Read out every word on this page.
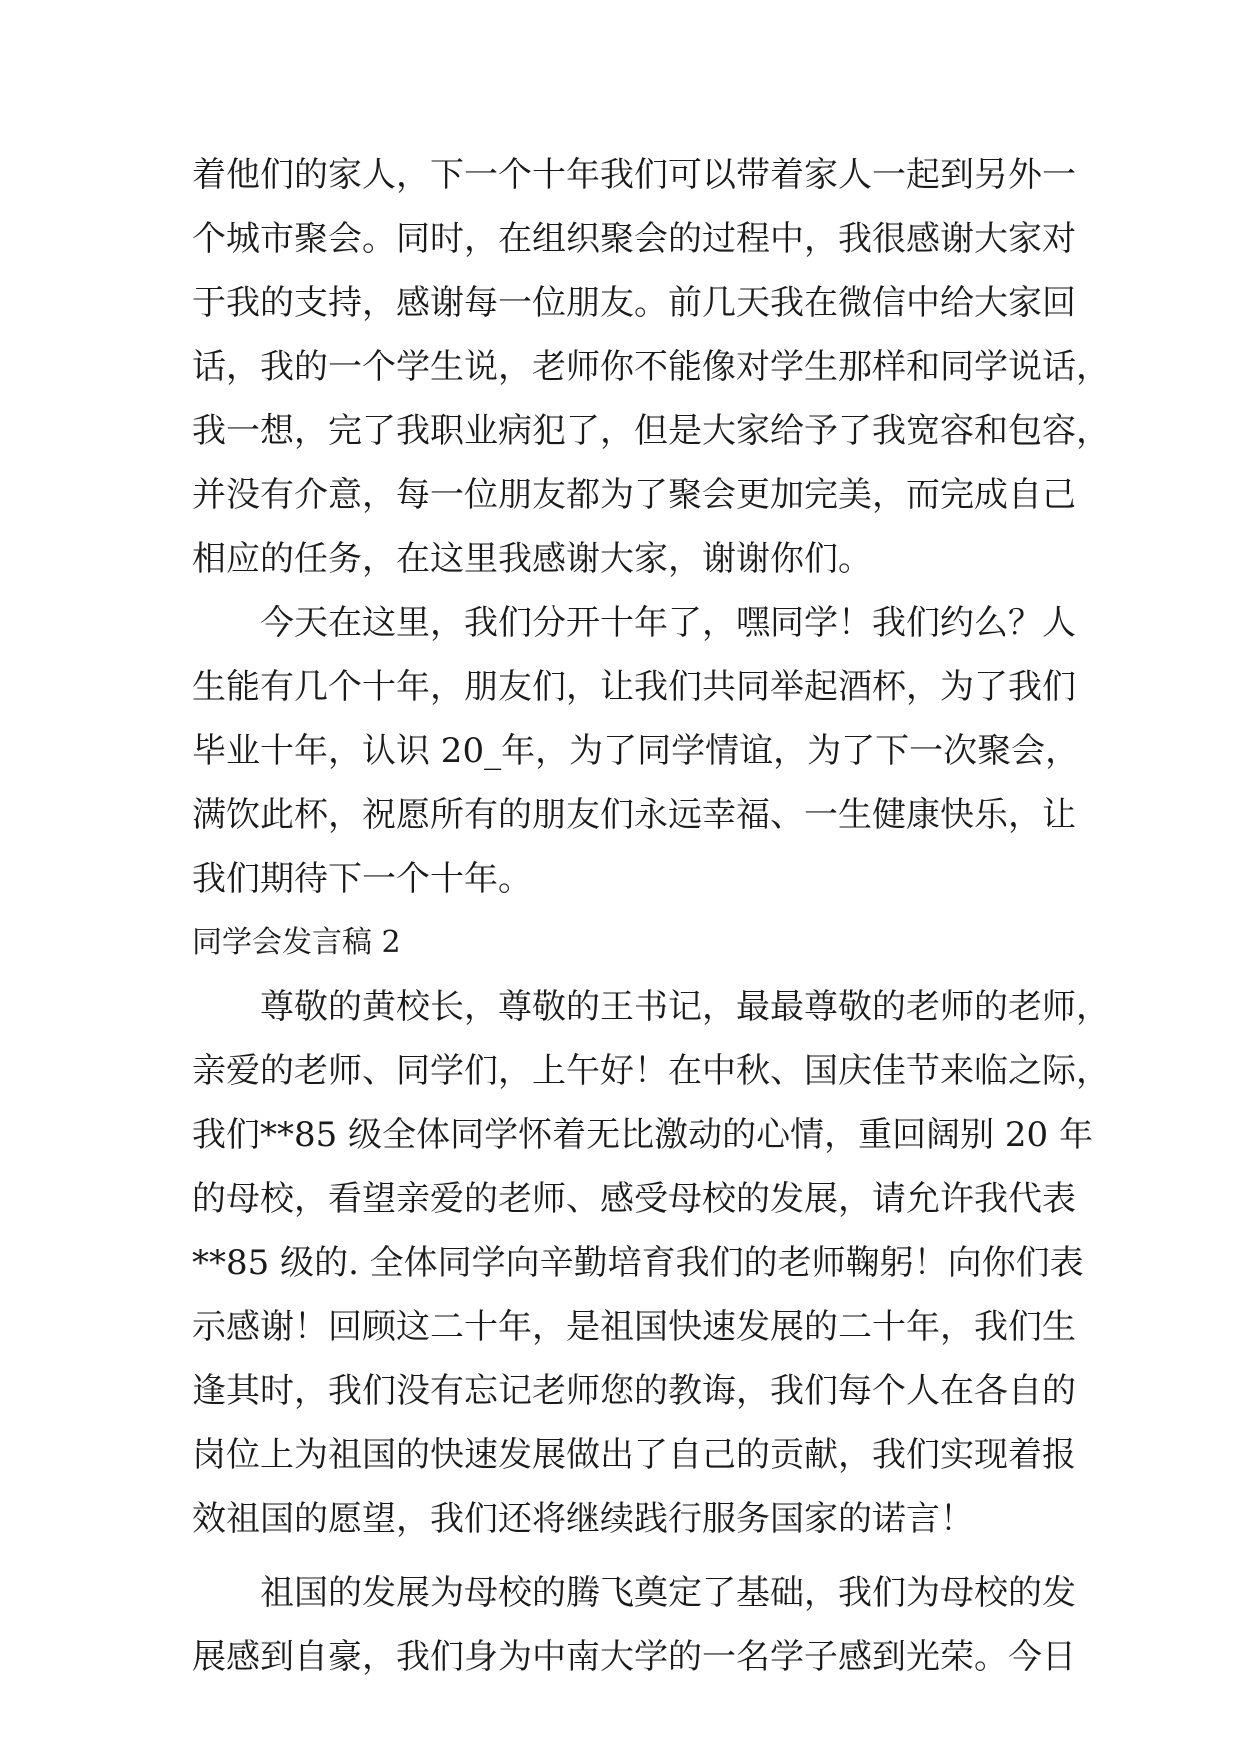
着他们的家人，下一个十年我们可以带着家人一起到另外一
个城市聚会。同时，在组织聚会的过程中，我很感谢大家对
于我的支持，感谢每一位朋友。前几天我在微信中给大家回
话，我的一个学生说，老师你不能像对学生那样和同学说话，
我一想，完了我职业病犯了，但是大家给予了我宽容和包容，
并没有介意，每一位朋友都为了聚会更加完美，而完成自己
相应的任务，在这里我感谢大家，谢谢你们。
今天在这里，我们分开十年了，嘿同学！我们约么？人
生能有几个十年，朋友们，让我们共同举起酒杯，为了我们
毕业十年，认识 20_年，为了同学情谊，为了下一次聚会，
满饮此杯，祝愿所有的朋友们永远幸福、一生健康快乐，让
我们期待下一个十年。
同学会发言稿 2
尊敬的黄校长，尊敬的王书记，最最尊敬的老师的老师，
亲爱的老师、同学们，上午好！在中秋、国庆佳节来临之际，
我们**85 级全体同学怀着无比激动的心情，重回阔别 20 年
的母校，看望亲爱的老师、感受母校的发展，请允许我代表
**85 级的. 全体同学向辛勤培育我们的老师鞠躬！向你们表
示感谢！回顾这二十年，是祖国快速发展的二十年，我们生
逢其时，我们没有忘记老师您的教诲，我们每个人在各自的
岗位上为祖国的快速发展做出了自己的贡献，我们实现着报
效祖国的愿望，我们还将继续践行服务国家的诺言！
祖国的发展为母校的腾飞奠定了基础，我们为母校的发
展感到自豪，我们身为中南大学的一名学子感到光荣。今日
